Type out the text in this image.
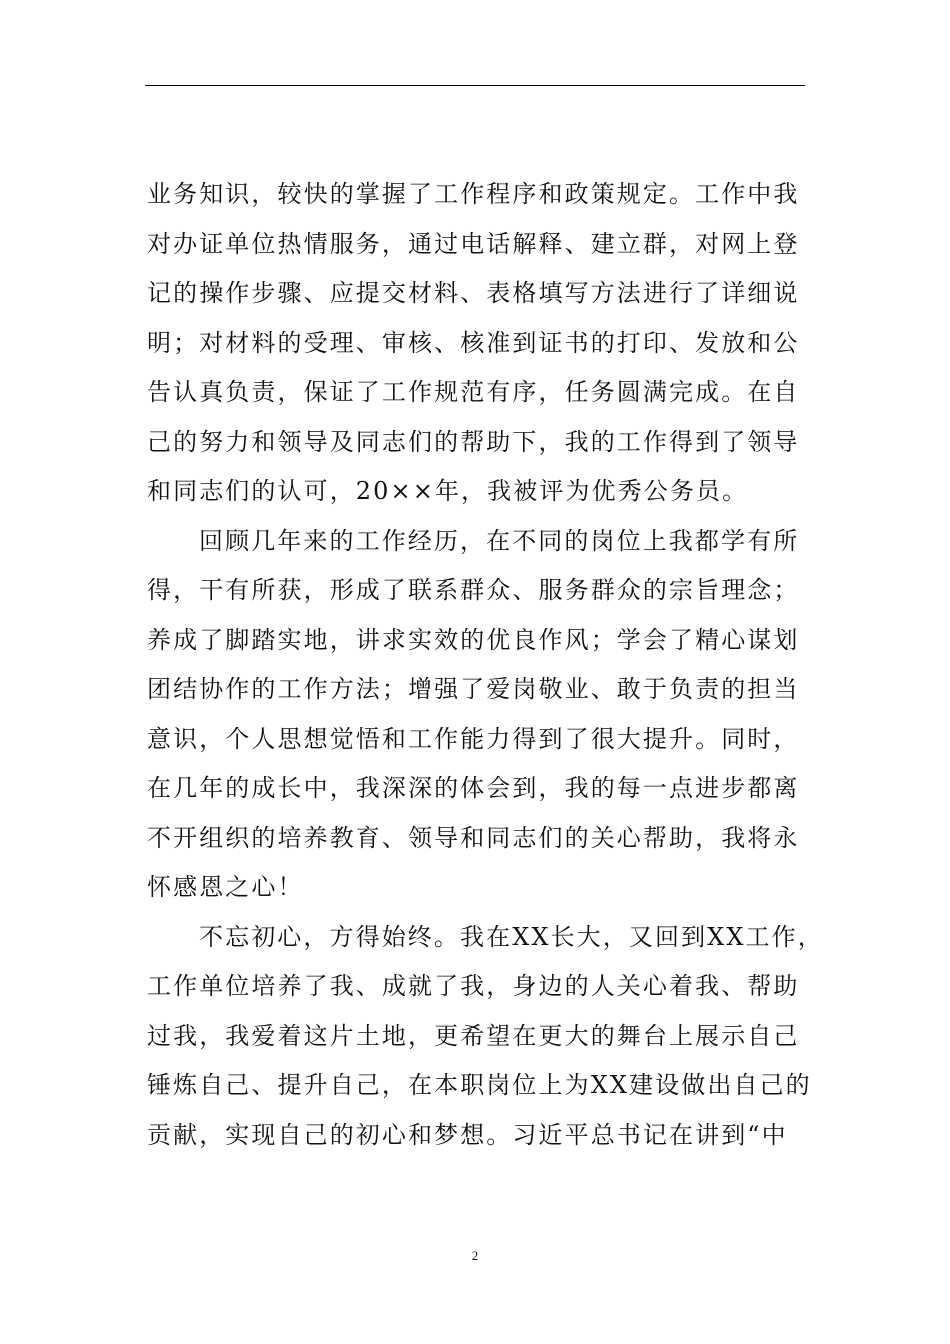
业务知识，较快的掌握了工作程序和政策规定。工作中我
对办证单位热情服务，通过电话解释、建立群，对网上登
记的操作步骤、应提交材料、表格填写方法进行了详细说
明；对材料的受理、审核、核准到证书的打印、发放和公
告认真负责，保证了工作规范有序，任务圆满完成。在自
己的努力和领导及同志们的帮助下，我的工作得到了领导
和同志们的认可，20××年，我被评为优秀公务员。
回顾几年来的工作经历，在不同的岗位上我都学有所
得，干有所获，形成了联系群众、服务群众的宗旨理念；
养成了脚踏实地，讲求实效的优良作风；学会了精心谋划
团结协作的工作方法；增强了爱岗敬业、敢于负责的担当
意识，个人思想觉悟和工作能力得到了很大提升。同时，
在几年的成长中，我深深的体会到，我的每一点进步都离
不开组织的培养教育、领导和同志们的关心帮助，我将永
怀感恩之心！
不忘初心，方得始终。我在XX长大，又回到XX工作，
工作单位培养了我、成就了我，身边的人关心着我、帮助
过我，我爱着这片土地，更希望在更大的舞台上展示自己
锤炼自己、提升自己，在本职岗位上为XX建设做出自己的
贡献，实现自己的初心和梦想。习近平总书记在讲到“中
2
